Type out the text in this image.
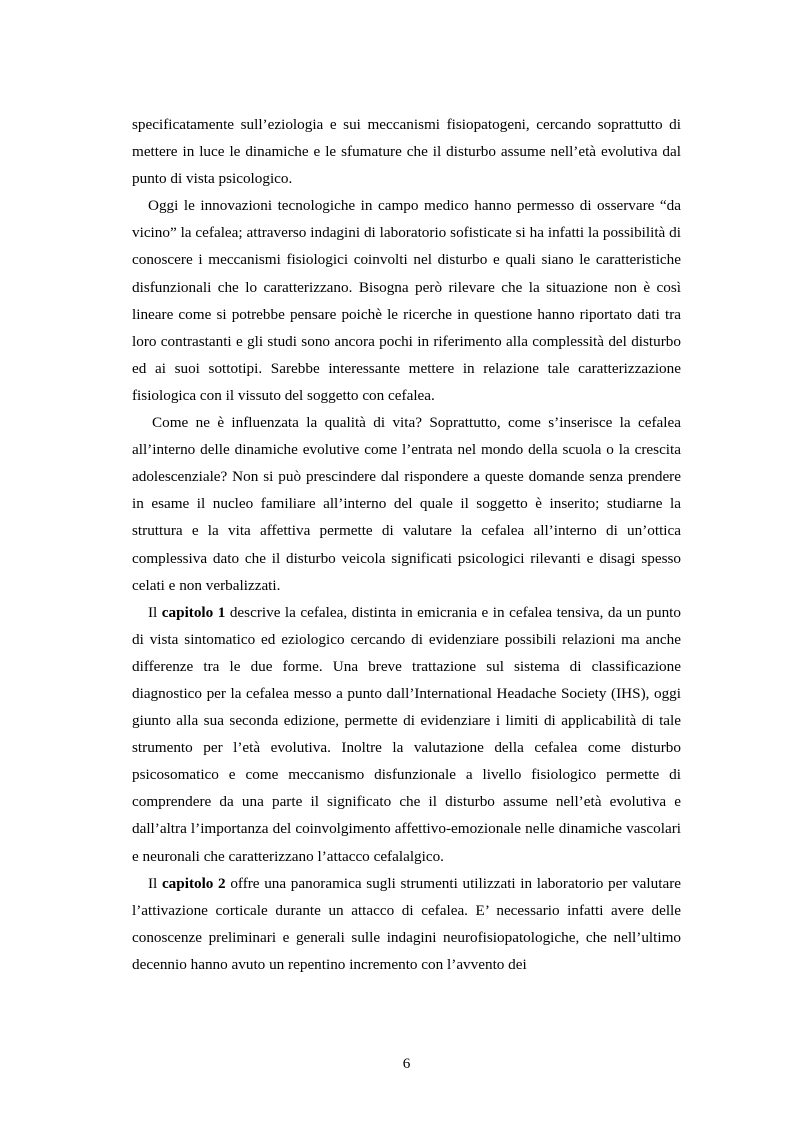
specificatamente sull’eziologia e sui meccanismi fisiopatogeni, cercando soprattutto di mettere in luce le dinamiche e le sfumature che il disturbo assume nell’età evolutiva dal punto di vista psicologico.

Oggi le innovazioni tecnologiche in campo medico hanno permesso di osservare “da vicino” la cefalea; attraverso indagini di laboratorio sofisticate si ha infatti la possibilità di conoscere i meccanismi fisiologici coinvolti nel disturbo e quali siano le caratteristiche disfunzionali che lo caratterizzano. Bisogna però rilevare che la situazione non è così lineare come si potrebbe pensare poichè le ricerche in questione hanno riportato dati tra loro contrastanti e gli studi sono ancora pochi in riferimento alla complessità del disturbo ed ai suoi sottotipi. Sarebbe interessante mettere in relazione tale caratterizzazione fisiologica con il vissuto del soggetto con cefalea.

Come ne è influenzata la qualità di vita? Soprattutto, come s’inserisce la cefalea all’interno delle dinamiche evolutive come l’entrata nel mondo della scuola o la crescita adolescenziale? Non si può prescindere dal rispondere a queste domande senza prendere in esame il nucleo familiare all’interno del quale il soggetto è inserito; studiarne la struttura e la vita affettiva permette di valutare la cefalea all’interno di un’ottica complessiva dato che il disturbo veicola significati psicologici rilevanti e disagi spesso celati e non verbalizzati.

Il capitolo 1 descrive la cefalea, distinta in emicrania e in cefalea tensiva, da un punto di vista sintomatico ed eziologico cercando di evidenziare possibili relazioni ma anche differenze tra le due forme. Una breve trattazione sul sistema di classificazione diagnostico per la cefalea messo a punto dall’International Headache Society (IHS), oggi giunto alla sua seconda edizione, permette di evidenziare i limiti di applicabilità di tale strumento per l’età evolutiva. Inoltre la valutazione della cefalea come disturbo psicosomatico e come meccanismo disfunzionale a livello fisiologico permette di comprendere da una parte il significato che il disturbo assume nell’età evolutiva e dall’altra l’importanza del coinvolgimento affettivo-emozionale nelle dinamiche vascolari e neuronali che caratterizzano l’attacco cefalalgico.

Il capitolo 2 offre una panoramica sugli strumenti utilizzati in laboratorio per valutare l’attivazione corticale durante un attacco di cefalea. E’ necessario infatti avere delle conoscenze preliminari e generali sulle indagini neurofisiopatologiche, che nell’ultimo decennio hanno avuto un repentino incremento con l’avvento dei

6
